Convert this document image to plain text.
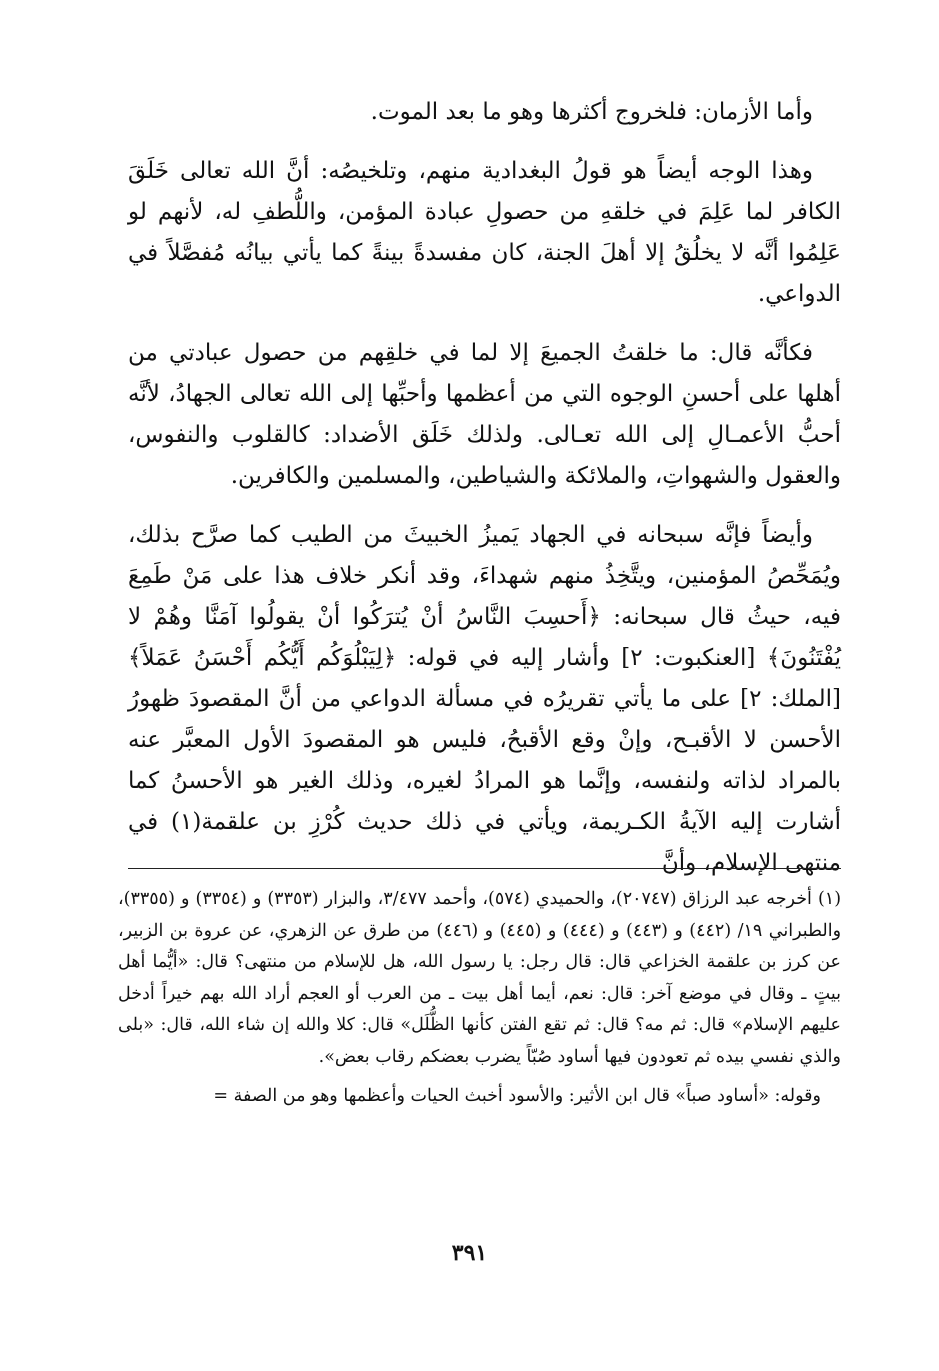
وأما الأزمان: فلخروج أكثرها وهو ما بعد الموت.

وهذا الوجه أيضاً هو قولُ البغدادية منهم، وتلخيصُه: أنَّ الله تعالى خَلَقَ الكافر لما عَلِمَ في خلقهِ من حصولِ عبادة المؤمن، واللُّطفِ له، لأنهم لو عَلِمُوا أنَّه لا يخلُقُ إلا أهلَ الجنة، كان مفسدةً بينةً كما يأتي بيانُه مُفصَّلاً في الدواعي.

فكأنَّه قال: ما خلقتُ الجميعَ إلا لما في خلقِهم من حصول عبادتي من أهلها على أحسنِ الوجوه التي من أعظمها وأحبِّها إلى الله تعالى الجهادُ، لأنَّه أحبُّ الأعمـالِ إلى الله تعـالى. ولذلك خَلَق الأضداد: كالقلوب والنفوس، والعقول والشهواتِ، والملائكة والشياطين، والمسلمين والكافرين.

وأيضاً فإنَّه سبحانه في الجهاد يَميزُ الخبيثَ من الطيب كما صرَّح بذلك، ويُمَحِّصُ المؤمنين، ويتَّخِذُ منهم شهداءَ، وقد أنكر خلاف هذا على مَنْ طَمِعَ فيه، حيثُ قال سبحانه: ﴿أَحسِبَ النَّاسُ أنْ يُترَكُوا أنْ يقولُوا آمَنَّا وهُمْ لا يُفْتَنُونَ﴾ [العنكبوت: ٢] وأشار إليه في قوله: ﴿لِيَبْلُوَكُم أَيُّكُم أَحْسَنُ عَمَلاً﴾ [الملك: ٢] على ما يأتي تقريرُه في مسألة الدواعي من أنَّ المقصودَ ظهورُ الأحسن لا الأقبـح، وإنْ وقع الأقبحُ، فليس هو المقصودَ الأول المعبَّر عنه بالمراد لذاته ولنفسه، وإنَّما هو المرادُ لغيره، وذلك الغير هو الأحسنُ كما أشارت إليه الآيةُ الكـريمة، ويأتي في ذلك حديث كُرْزِ بن علقمة(١) في منتهى الإسلام، وأنَّ

(١) أخرجه عبد الرزاق (٢٠٧٤٧)، والحميدي (٥٧٤)، وأحمد ٣/٤٧٧، والبزار (٣٣٥٣) و (٣٣٥٤) و (٣٣٥٥)، والطبراني ١٩/ (٤٤٢) و (٤٤٣) و (٤٤٤) و (٤٤٥) و (٤٤٦) من طرق عن الزهري، عن عروة بن الزبير، عن كرز بن علقمة الخزاعي قال: قال رجل: يا رسول الله، هل للإسلام من منتهى؟ قال: «أيُّما أهل بيتٍ ـ وقال في موضع آخر: قال: نعم، أيما أهل بيت ـ من العرب أو العجم أراد الله بهم خيراً أدخل عليهم الإسلام» قال: ثم مه؟ قال: ثم تقع الفتن كأنها الظُّلَل» قال: كلا والله إن شاء الله، قال: «بلى والذي نفسي بيده ثم تعودون فيها أساود صُبّاً يضرب بعضكم رقاب بعض».

وقوله: «أساود صباً» قال ابن الأثير: والأسود أخبث الحيات وأعظمها وهو من الصفة =

٣٩١
